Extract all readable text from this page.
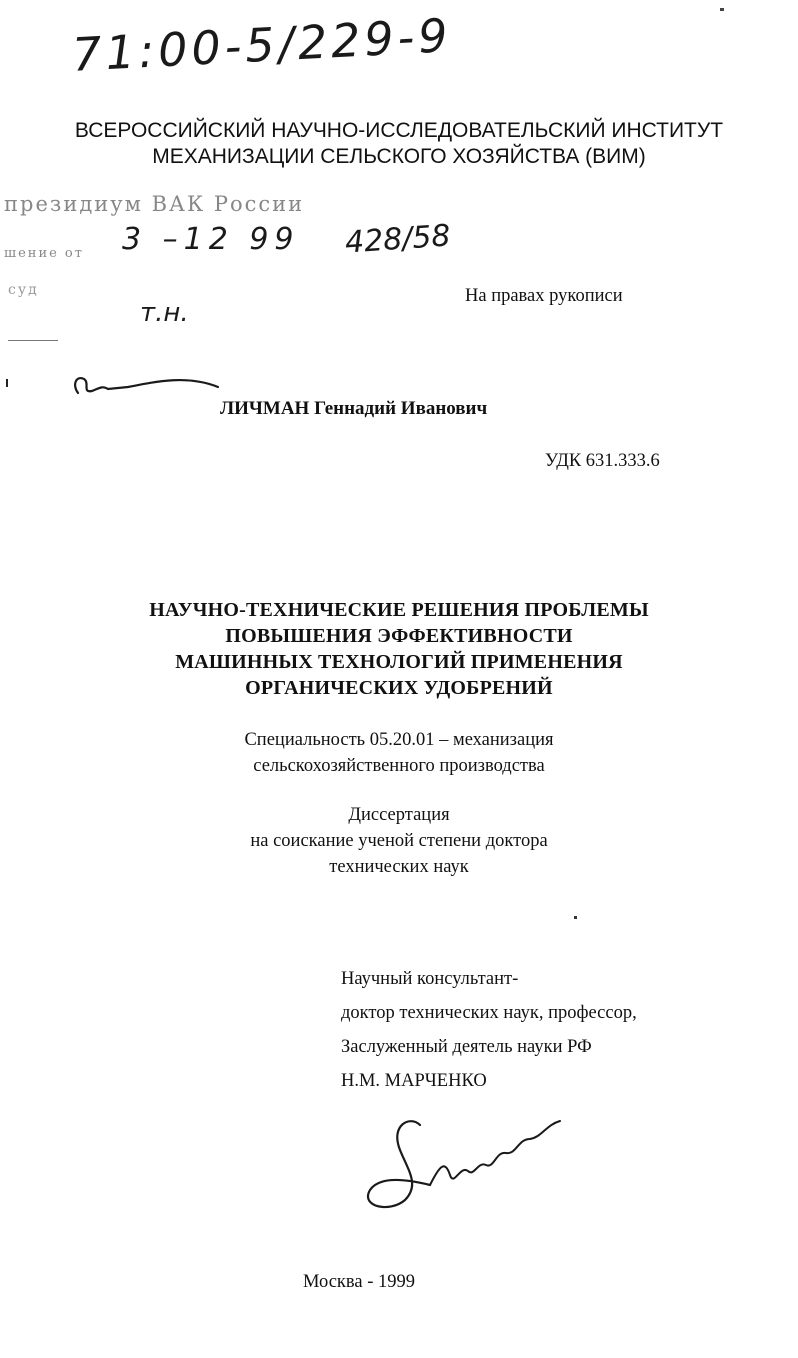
71:00-5/229-9
ВСЕРОССИЙСКИЙ НАУЧНО-ИССЛЕДОВАТЕЛЬСКИЙ ИНСТИТУТ
МЕХАНИЗАЦИИ СЕЛЬСКОГО ХОЗЯЙСТВА (ВИМ)
президиум ВАК России
шение от 3 –12 99 428/58
суд
т.н.
На правах рукописи
ЛИЧМАН Геннадий Иванович
УДК 631.333.6
НАУЧНО-ТЕХНИЧЕСКИЕ РЕШЕНИЯ ПРОБЛЕМЫ
ПОВЫШЕНИЯ ЭФФЕКТИВНОСТИ
МАШИННЫХ ТЕХНОЛОГИЙ ПРИМЕНЕНИЯ
ОРГАНИЧЕСКИХ УДОБРЕНИЙ
Специальность 05.20.01 – механизация
сельскохозяйственного производства
Диссертация
на соискание ученой степени доктора
технических наук
Научный консультант-
доктор технических наук, профессор,
Заслуженный деятель науки РФ
Н.М. МАРЧЕНКО
Москва - 1999
